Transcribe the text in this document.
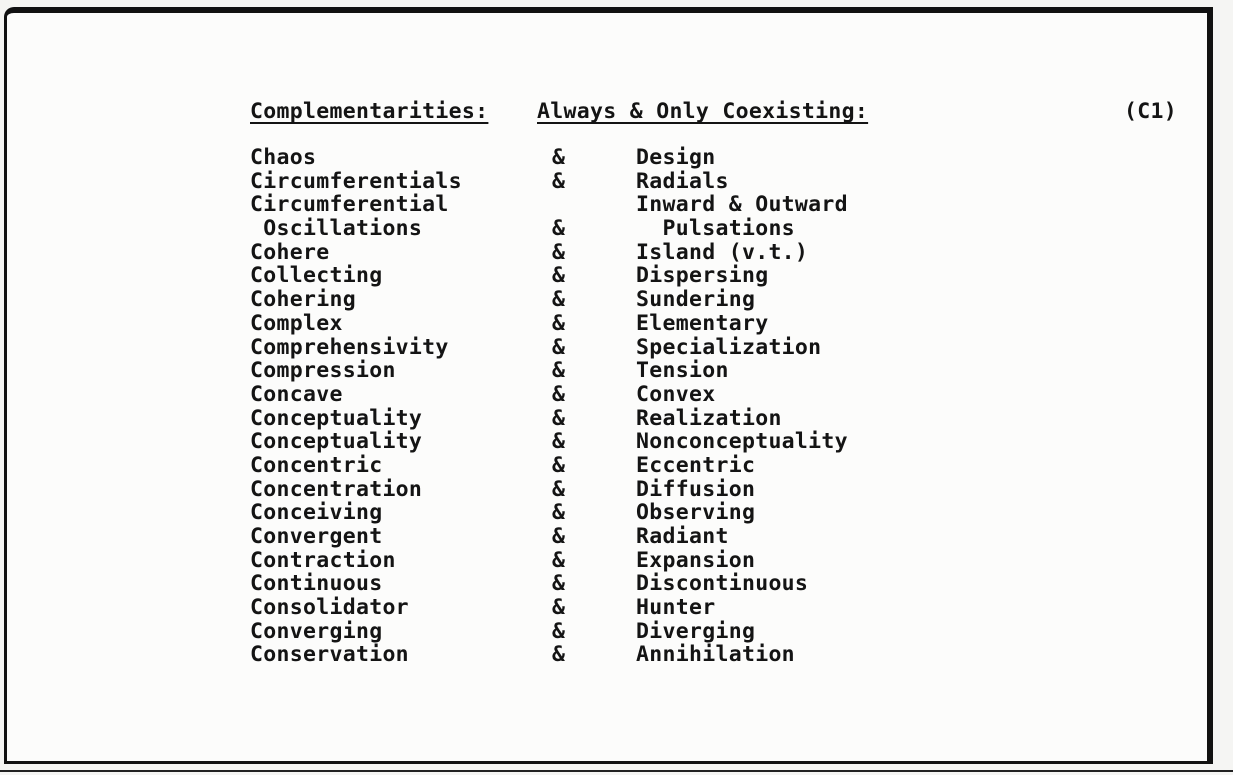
Complementarities: Always & Only Coexisting:	(C1)
Chaos	&	Design
Circumferentials	&	Radials
Circumferential	Inward & Outward
Oscillations	&	Pulsations
Cohere	&	Island (v.t.)
Collecting	&	Dispersing
Cohering	&	Sundering
Complex	&	Elementary
Comprehensivity	&	Specialization
Compression	&	Tension
Concave	&	Convex
Conceptuality	&	Realization
Conceptuality	&	Nonconceptuality
Concentric	&	Eccentric
Concentration	&	Diffusion
Conceiving	&	Observing
Convergent	&	Radiant
Contraction	&	Expansion
Continuous	&	Discontinuous
Consolidator	&	Hunter
Converging	&	Diverging
Conservation	&	Annihilation
